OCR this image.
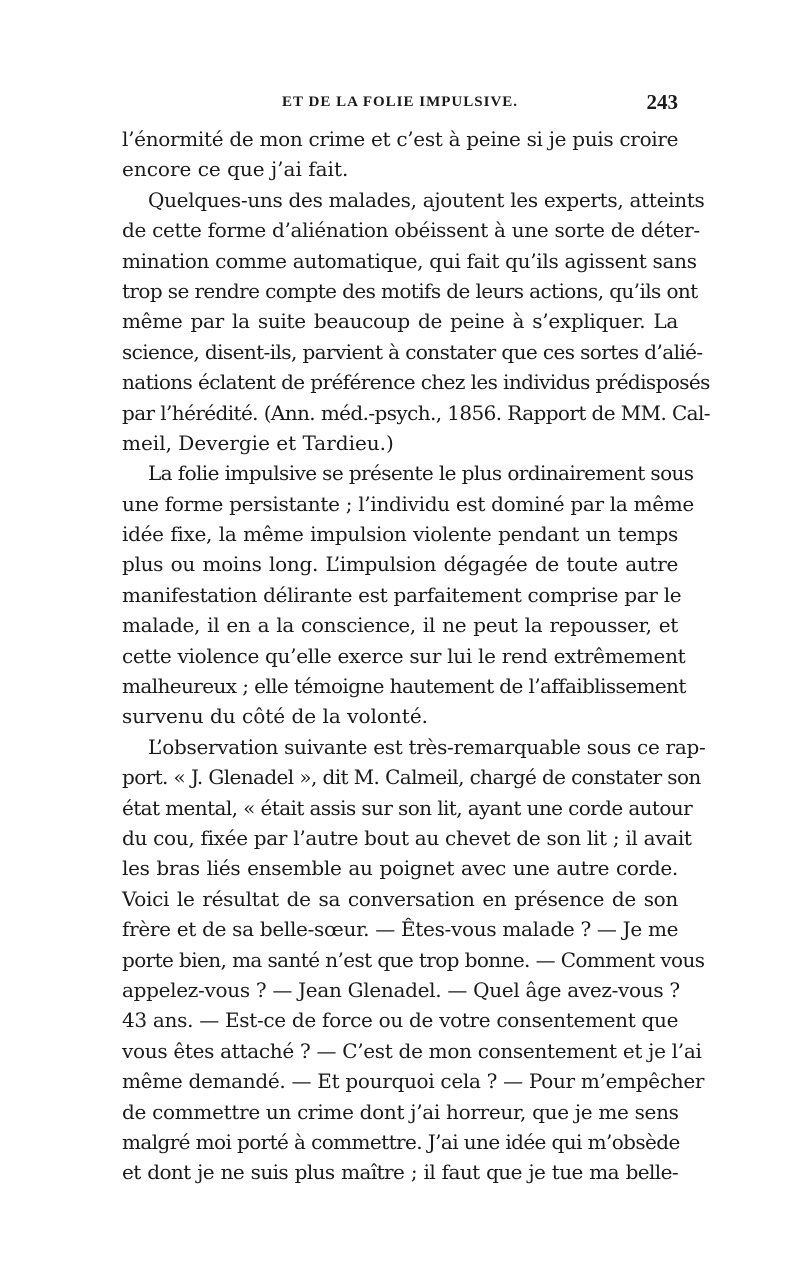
ET DE LA FOLIE IMPULSIVE.	243
l’énormité de mon crime et c’est à peine si je puis croire
encore ce que j’ai fait.
Quelques-uns des malades, ajoutent les experts, atteints
de cette forme d’aliénation obéissent à une sorte de déter-
mination comme automatique, qui fait qu’ils agissent sans
trop se rendre compte des motifs de leurs actions, qu’ils ont
même par la suite beaucoup de peine à s’expliquer. La
science, disent-ils, parvient à constater que ces sortes d’alié-
nations éclatent de préférence chez les individus prédisposés
par l’hérédité. (Ann. méd.-psych., 1856. Rapport de MM. Cal-
meil, Devergie et Tardieu.)
La folie impulsive se présente le plus ordinairement sous
une forme persistante ; l’individu est dominé par la même
idée fixe, la même impulsion violente pendant un temps
plus ou moins long. L’impulsion dégagée de toute autre
manifestation délirante est parfaitement comprise par le
malade, il en a la conscience, il ne peut la repousser, et
cette violence qu’elle exerce sur lui le rend extrêmement
malheureux ; elle témoigne hautement de l’affaiblissement
survenu du côté de la volonté.
L’observation suivante est très-remarquable sous ce rap-
port. « J. Glenadel », dit M. Calmeil, chargé de constater son
état mental, « était assis sur son lit, ayant une corde autour
du cou, fixée par l’autre bout au chevet de son lit ; il avait
les bras liés ensemble au poignet avec une autre corde.
Voici le résultat de sa conversation en présence de son
frère et de sa belle-sœur. — Êtes-vous malade ? — Je me
porte bien, ma santé n’est que trop bonne. — Comment vous
appelez-vous ? — Jean Glenadel. — Quel âge avez-vous ?
43 ans. — Est-ce de force ou de votre consentement que
vous êtes attaché ? — C’est de mon consentement et je l’ai
même demandé. — Et pourquoi cela ? — Pour m’empêcher
de commettre un crime dont j’ai horreur, que je me sens
malgré moi porté à commettre. J’ai une idée qui m’obsède
et dont je ne suis plus maître ; il faut que je tue ma belle-
